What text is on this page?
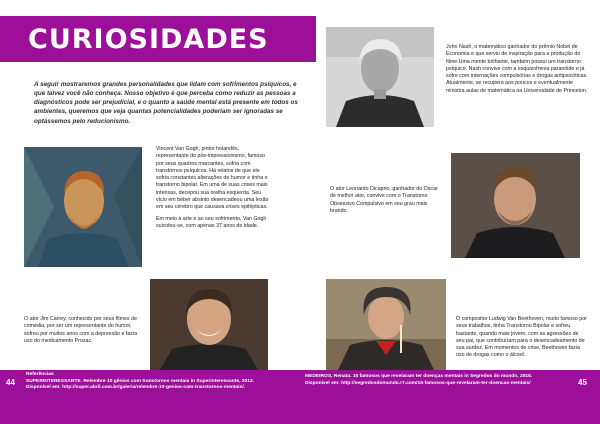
CURIOSIDADES

A seguir mostraremos grandes personalidades que lidam com sofrimentos psíquicos, e que talvez você não conheça. Nosso objetivo é que perceba como reduzir as pessoas a diagnósticos pode ser prejudicial, e o quanto a saúde mental está presente em todos os ambientes, queremos que veja quantas potencialidades poderiam ser ignoradas se optássemos pelo reducionismo.

John Nash, o matemático ganhador do prêmio Nobel de Economia e que serviu de inspiração para a produção do filme Uma mente brilhante, também possui um transtorno psíquico. Nash convive com a esquizofrenia paranóide e já sofre com internações compulsórias e drogas antipsicóticas. Atualmente, se recupera aos poucos e eventualmente ministra aulas de matemática na Universidade de Princeton.

Vincent Van Gogh, pintor holandês, representante do pós-impressionismo, famoso por seus quadros marcantes, sofria com transtornos psíquicos. Há relatos de que ele sofria constantes alterações de humor e tinha o transtorno bipolar. Em uma de suas crises mais intensas, decepou sua orelha esquerda. Seu vício em beber absinto desencadeou uma lesão em seu cérebro que causava crises epilépticas.

Em meio à arte e ao seu sofrimento, Van Gogh suicidou-se, com apenas 37 anos de idade.

O ator Leonardo Dicaprio, ganhador do Oscar de melhor ator, convive com o Transtorno Obsessivo Compulsivo em seu grau mais brando.

O ator Jim Carrey, conhecido por seus filmes de comédia, por ser um representante do humor, sofreu por muitos anos com a depressão e fazia uso do medicamento Prozac.

O compositor Ludwig Van Beethoven, muito famoso por seus trabalhos, tinha Transtorno Bipolar e sofreu bastante, quando mais jovem, com as agressões de seu pai, que contribuíram para o desencadeamento de sua surdez. Em momentos de crise, Beethoven fazia uso de drogas como o álcool.

44
Referências
SUPERINTERESSANTE. Relembre 10 gênios com transtornos mentais in Superinteressante, 2012.
Disponível em: http://super.abril.com.br/galeria/relembre-10-genios-com-transtornos-mentais/.
MEDEIROS, Renata. 15 famosos que revelaram ter doenças mentais in Segredos do mundo, 2015.
Disponível em: http://segredosdomundo.r7.com/15-famosos-que-revelaram-ter-doencas-mentais/	45
